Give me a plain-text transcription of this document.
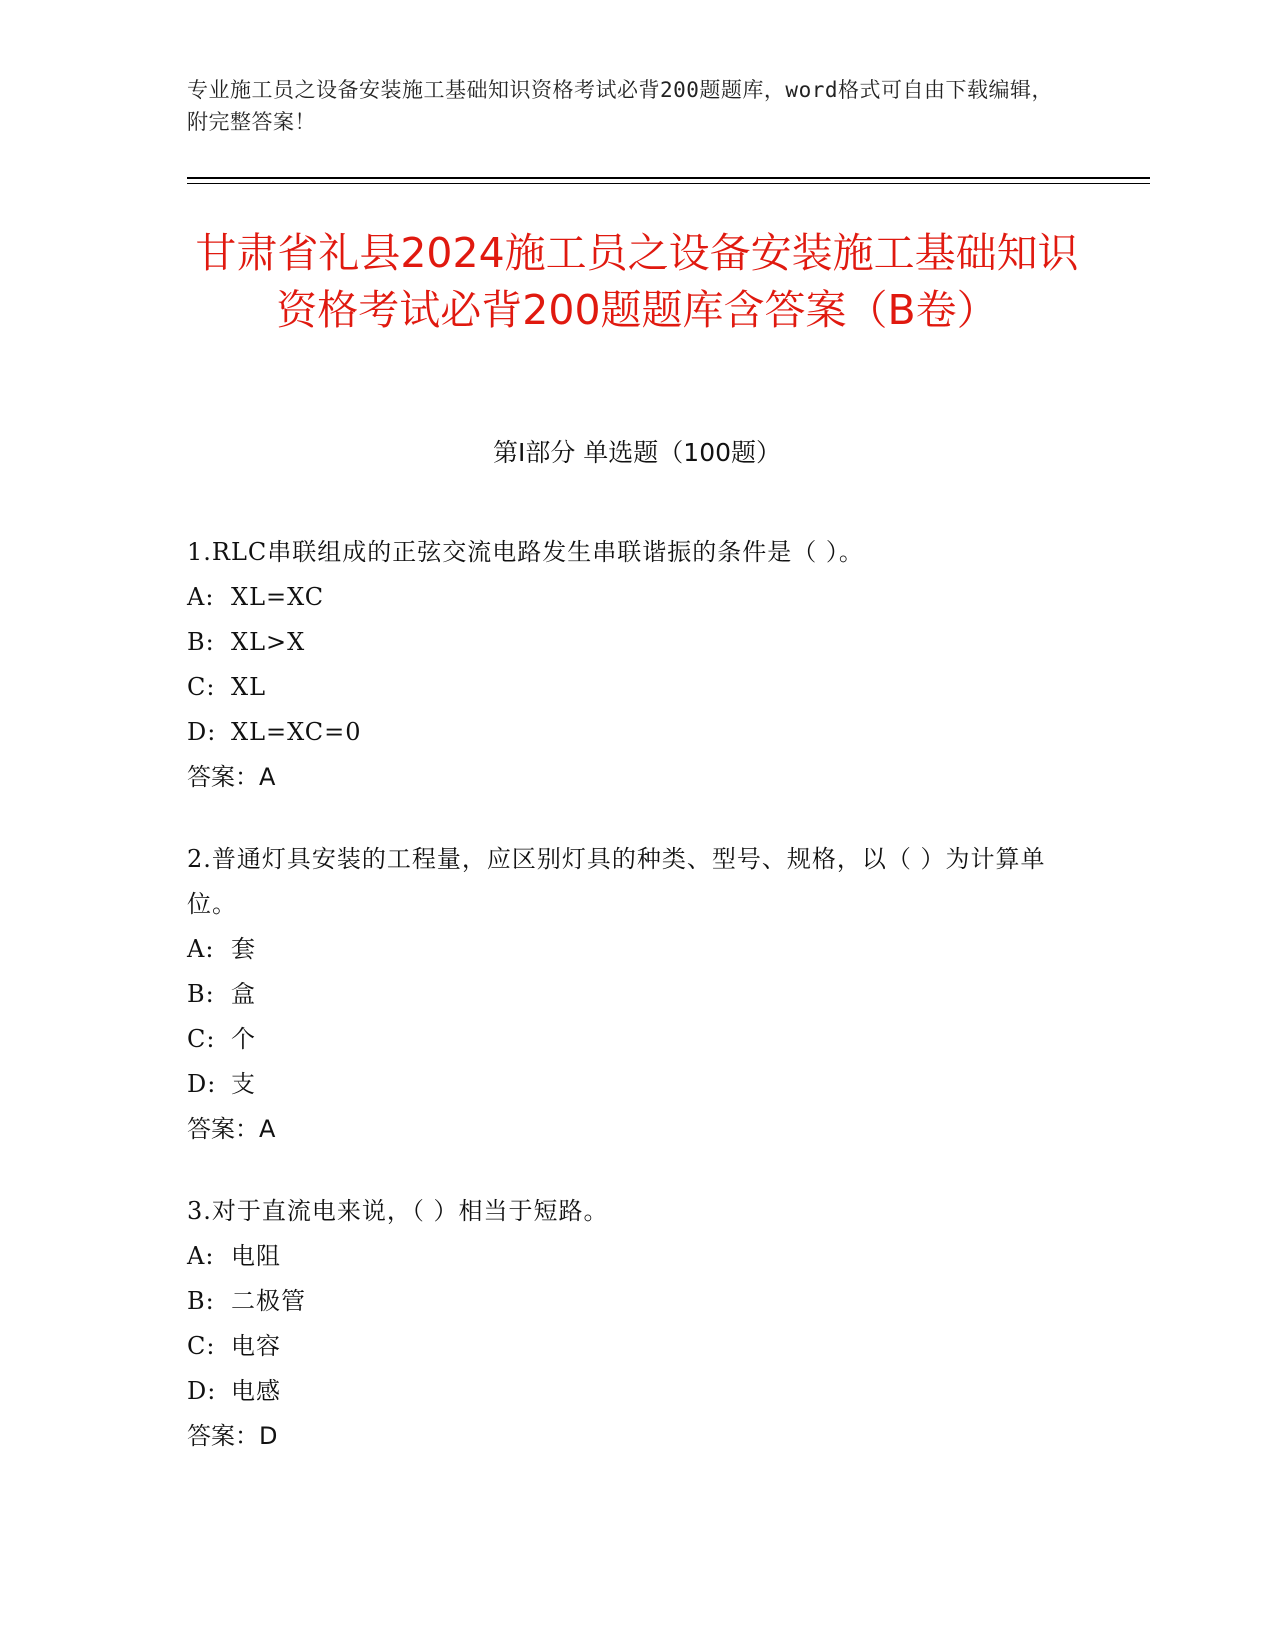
专业施工员之设备安装施工基础知识资格考试必背200题题库，word格式可自由下载编辑，附完整答案！
甘肃省礼县2024施工员之设备安装施工基础知识资格考试必背200题题库含答案（B卷）
第Ⅰ部分 单选题（100题）
1.RLC串联组成的正弦交流电路发生串联谐振的条件是（ ）。
A: XL=XC
B: XL>X
C: XL
D: XL=XC=0
答案：A
2.普通灯具安装的工程量，应区别灯具的种类、型号、规格，以（ ）为计算单位。
A: 套
B: 盒
C: 个
D: 支
答案：A
3.对于直流电来说，（ ）相当于短路。
A: 电阻
B: 二极管
C: 电容
D: 电感
答案：D
